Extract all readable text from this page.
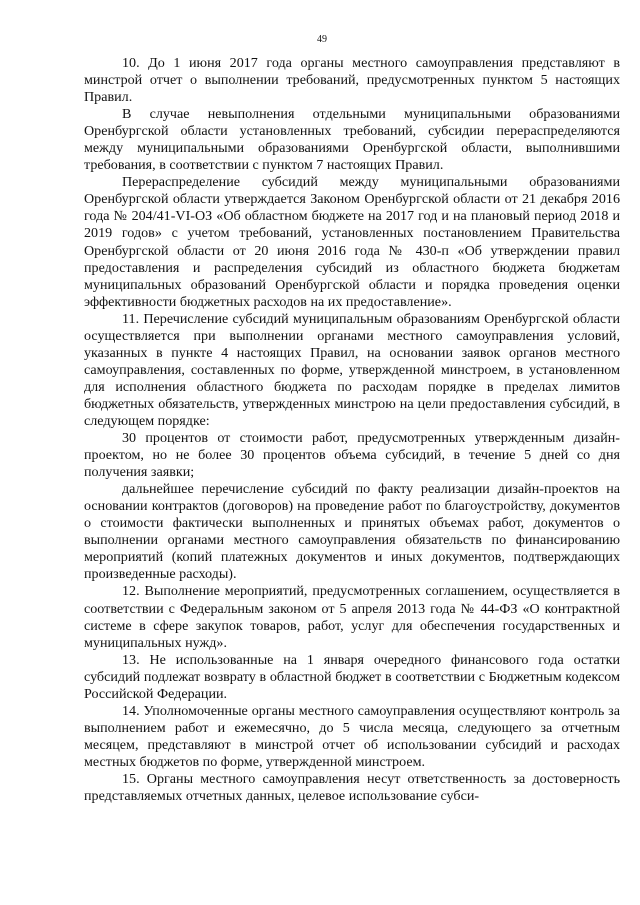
49

10. До 1 июня 2017 года органы местного самоуправления представляют в минстрой отчет о выполнении требований, предусмотренных пунктом 5 настоящих Правил.

В случае невыполнения отдельными муниципальными образованиями Оренбургской области установленных требований, субсидии перераспределяются между муниципальными образованиями Оренбургской области, выполнившими требования, в соответствии с пунктом 7 настоящих Правил.

Перераспределение субсидий между муниципальными образованиями Оренбургской области утверждается Законом Оренбургской области от 21 декабря 2016 года № 204/41-VI-ОЗ «Об областном бюджете на 2017 год и на плановый период 2018 и 2019 годов» с учетом требований, установленных постановлением Правительства Оренбургской области от 20 июня 2016 года № 430-п «Об утверждении правил предоставления и распределения субсидий из областного бюджета бюджетам муниципальных образований Оренбургской области и порядка проведения оценки эффективности бюджетных расходов на их предоставление».

11. Перечисление субсидий муниципальным образованиям Оренбургской области осуществляется при выполнении органами местного самоуправления условий, указанных в пункте 4 настоящих Правил, на основании заявок органов местного самоуправления, составленных по форме, утвержденной минстроем, в установленном для исполнения областного бюджета по расходам порядке в пределах лимитов бюджетных обязательств, утвержденных минстрою на цели предоставления субсидий, в следующем порядке:

30 процентов от стоимости работ, предусмотренных утвержденным дизайн-проектом, но не более 30 процентов объема субсидий, в течение 5 дней со дня получения заявки;

дальнейшее перечисление субсидий по факту реализации дизайн-проектов на основании контрактов (договоров) на проведение работ по благоустройству, документов о стоимости фактически выполненных и принятых объемах работ, документов о выполнении органами местного самоуправления обязательств по финансированию мероприятий (копий платежных документов и иных документов, подтверждающих произведенные расходы).

12. Выполнение мероприятий, предусмотренных соглашением, осуществляется в соответствии с Федеральным законом от 5 апреля 2013 года № 44-ФЗ «О контрактной системе в сфере закупок товаров, работ, услуг для обеспечения государственных и муниципальных нужд».

13. Не использованные на 1 января очередного финансового года остатки субсидий подлежат возврату в областной бюджет в соответствии с Бюджетным кодексом Российской Федерации.

14. Уполномоченные органы местного самоуправления осуществляют контроль за выполнением работ и ежемесячно, до 5 числа месяца, следующего за отчетным месяцем, представляют в минстрой отчет об использовании субсидий и расходах местных бюджетов по форме, утвержденной минстроем.

15. Органы местного самоуправления несут ответственность за достоверность представляемых отчетных данных, целевое использование субси-
